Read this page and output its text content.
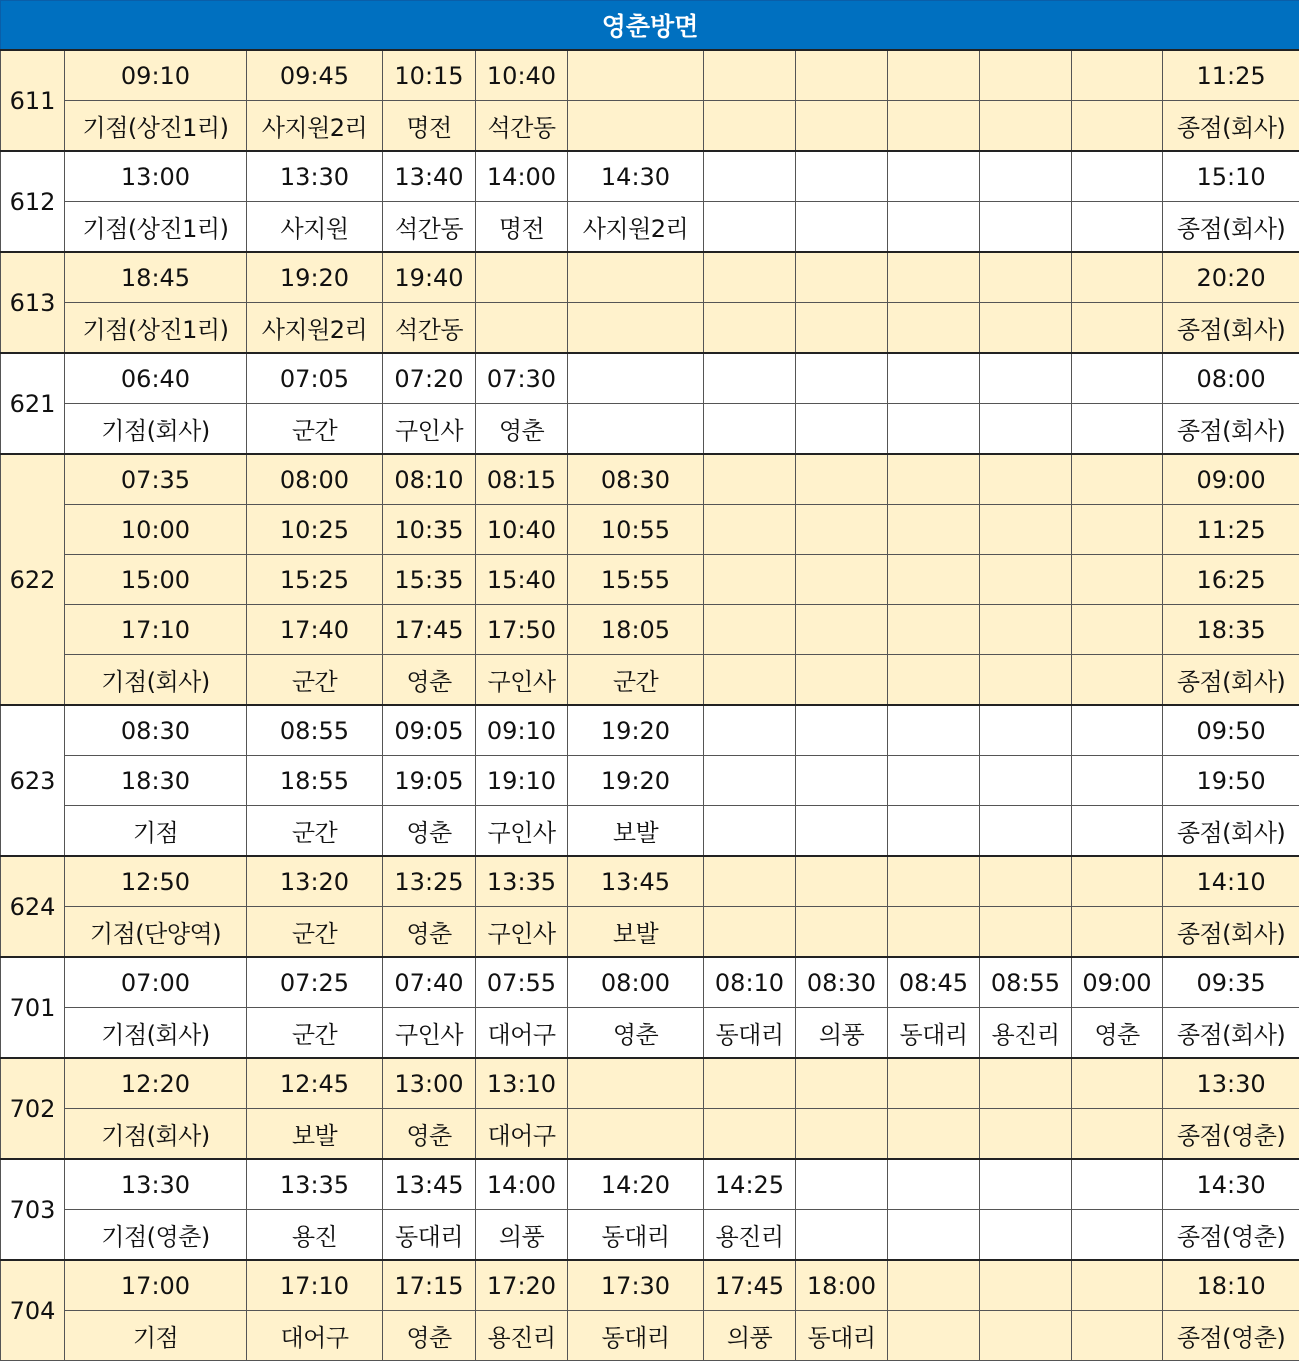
영춘방면											
611	09:10	09:45	10:15	10:40							11:25
	기점(상진1리)	사지원2리	명전	석간동							종점(회사)
612	13:00	13:30	13:40	14:00	14:30						15:10
	기점(상진1리)	사지원	석간동	명전	사지원2리						종점(회사)
613	18:45	19:20	19:40								20:20
	기점(상진1리)	사지원2리	석간동								종점(회사)
621	06:40	07:05	07:20	07:30							08:00
	기점(회사)	군간	구인사	영춘							종점(회사)
622	07:35	08:00	08:10	08:15	08:30						09:00
	10:00	10:25	10:35	10:40	10:55						11:25
	15:00	15:25	15:35	15:40	15:55						16:25
	17:10	17:40	17:45	17:50	18:05						18:35
	기점(회사)	군간	영춘	구인사	군간						종점(회사)
623	08:30	08:55	09:05	09:10	19:20						09:50
	18:30	18:55	19:05	19:10	19:20						19:50
	기점	군간	영춘	구인사	보발						종점(회사)
624	12:50	13:20	13:25	13:35	13:45						14:10
	기점(단양역)	군간	영춘	구인사	보발						종점(회사)
701	07:00	07:25	07:40	07:55	08:00	08:10	08:30	08:45	08:55	09:00	09:35
	기점(회사)	군간	구인사	대어구	영춘	동대리	의풍	동대리	용진리	영춘	종점(회사)
702	12:20	12:45	13:00	13:10							13:30
	기점(회사)	보발	영춘	대어구							종점(영춘)
703	13:30	13:35	13:45	14:00	14:20	14:25					14:30
	기점(영춘)	용진	동대리	의풍	동대리	용진리					종점(영춘)
704	17:00	17:10	17:15	17:20	17:30	17:45	18:00				18:10
	기점	대어구	영춘	용진리	동대리	의풍	동대리				종점(영춘)
